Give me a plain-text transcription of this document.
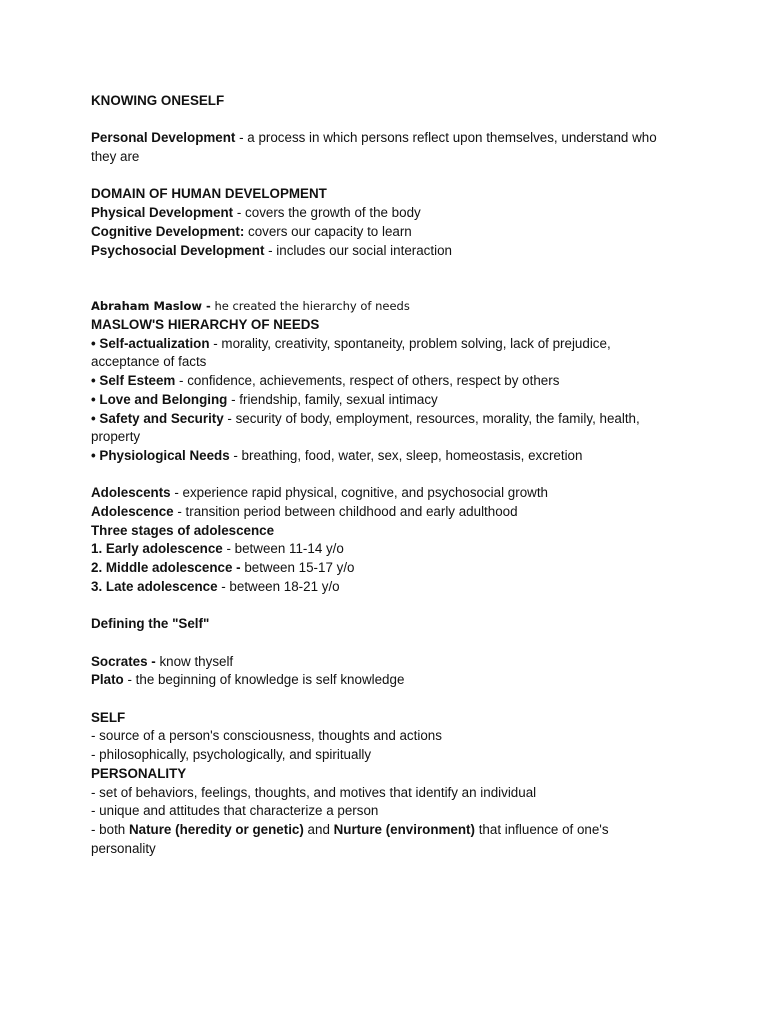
KNOWING ONESELF
Personal Development - a process in which persons reflect upon themselves, understand who
they are
DOMAIN OF HUMAN DEVELOPMENT
Physical Development - covers the growth of the body
Cognitive Development: covers our capacity to learn
Psychosocial Development - includes our social interaction
Abraham Maslow - he created the hierarchy of needs
MASLOW'S HIERARCHY OF NEEDS
• Self-actualization - morality, creativity, spontaneity, problem solving, lack of prejudice,
acceptance of facts
• Self Esteem - confidence, achievements, respect of others, respect by others
• Love and Belonging - friendship, family, sexual intimacy
• Safety and Security - security of body, employment, resources, morality, the family, health,
property
• Physiological Needs - breathing, food, water, sex, sleep, homeostasis, excretion
Adolescents - experience rapid physical, cognitive, and psychosocial growth
Adolescence - transition period between childhood and early adulthood
Three stages of adolescence
1. Early adolescence - between 11-14 y/o
2. Middle adolescence - between 15-17 y/o
3. Late adolescence - between 18-21 y/o
Defining the "Self"
Socrates - know thyself
Plato - the beginning of knowledge is self knowledge
SELF
- source of a person's consciousness, thoughts and actions
- philosophically, psychologically, and spiritually
PERSONALITY
- set of behaviors, feelings, thoughts, and motives that identify an individual
- unique and attitudes that characterize a person
- both Nature (heredity or genetic) and Nurture (environment) that influence of one's
personality
